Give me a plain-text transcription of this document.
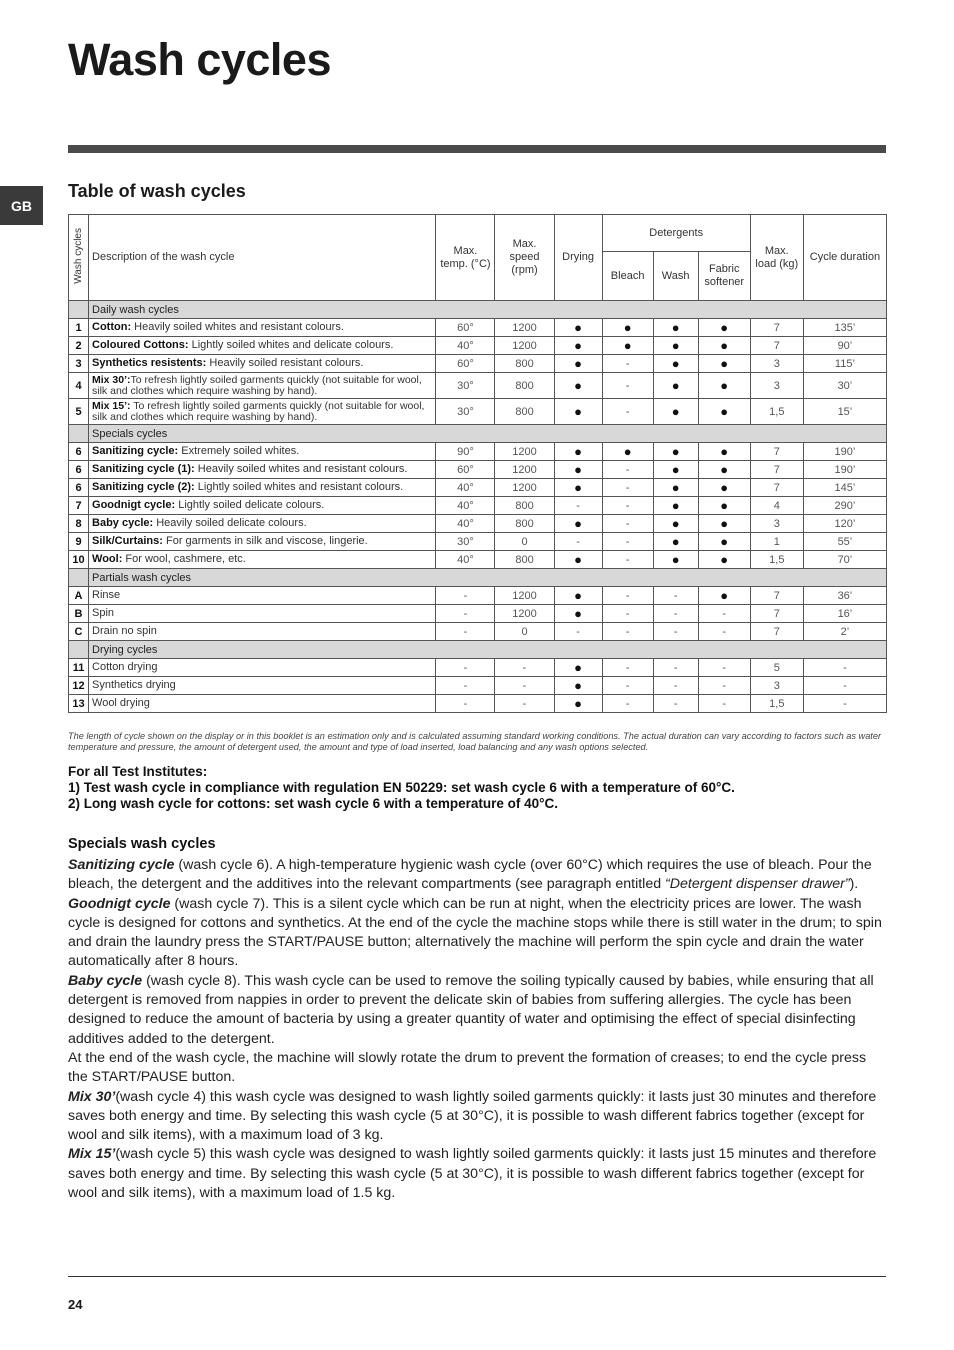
Wash cycles
GB
Table of wash cycles
Wash cycles	Description of the wash cycle	Max. temp. (°C)	Max. speed (rpm)	Drying	Detergents			Max. load (kg)	Cycle duration
					Bleach	Wash	Fabric softener		
	Daily wash cycles								
1	Cotton: Heavily soiled whites and resistant colours.	60°	1200	●	●	●	●	7	135’
2	Coloured Cottons: Lightly soiled whites and delicate colours.	40°	1200	●	●	●	●	7	90’
3	Synthetics resistents: Heavily soiled resistant colours.	60°	800	●	-	●	●	3	115’
4	Mix 30’:To refresh lightly soiled garments quickly (not suitable for wool, silk and clothes which require washing by hand).	30°	800	●	-	●	●	3	30’
5	Mix 15’: To refresh lightly soiled garments quickly (not suitable for wool, silk and clothes which require washing by hand).	30°	800	●	-	●	●	1,5	15’
	Specials cycles								
6	Sanitizing cycle: Extremely soiled whites.	90°	1200	●	●	●	●	7	190’
6	Sanitizing cycle (1): Heavily soiled whites and resistant colours.	60°	1200	●	-	●	●	7	190’
6	Sanitizing cycle (2): Lightly soiled whites and resistant colours.	40°	1200	●	-	●	●	7	145’
7	Goodnigt cycle: Lightly soiled delicate colours.	40°	800	-	-	●	●	4	290’
8	Baby cycle: Heavily soiled delicate colours.	40°	800	●	-	●	●	3	120’
9	Silk/Curtains: For garments in silk and viscose, lingerie.	30°	0	-	-	●	●	1	55’
10	Wool: For wool, cashmere, etc.	40°	800	●	-	●	●	1,5	70’
	Partials wash cycles								
A	Rinse	-	1200	●	-	-	●	7	36’
B	Spin	-	1200	●	-	-	-	7	16’
C	Drain no spin	-	0	-	-	-	-	7	2’
	Drying cycles								
11	Cotton drying	-	-	●	-	-	-	5	-
12	Synthetics drying	-	-	●	-	-	-	3	-
13	Wool drying	-	-	●	-	-	-	1,5	-

The length of cycle shown on the display or in this booklet is an estimation only and is calculated assuming standard working conditions. The actual duration can vary according to factors such as water temperature and pressure, the amount of detergent used, the amount and type of load inserted, load balancing and any wash options selected.

For all Test Institutes:

1) Test wash cycle in compliance with regulation EN 50229: set wash cycle 6 with a temperature of 60°C.

2) Long wash cycle for cottons: set wash cycle 6 with a temperature of 40°C.

Specials wash cycles

Sanitizing cycle (wash cycle 6). A high-temperature hygienic wash cycle (over 60°C) which requires the use of bleach. Pour the bleach, the detergent and the additives into the relevant compartments (see paragraph entitled “Detergent dispenser drawer”).

Goodnigt cycle (wash cycle 7). This is a silent cycle which can be run at night, when the electricity prices are lower. The wash cycle is designed for cottons and synthetics. At the end of the cycle the machine stops while there is still water in the drum; to spin and drain the laundry press the START/PAUSE button; alternatively the machine will perform the spin cycle and drain the water automatically after 8 hours.

Baby cycle (wash cycle 8). This wash cycle can be used to remove the soiling typically caused by babies, while ensuring that all detergent is removed from nappies in order to prevent the delicate skin of babies from suffering allergies. The cycle has been designed to reduce the amount of bacteria by using a greater quantity of water and optimising the effect of special disinfecting additives added to the detergent.

At the end of the wash cycle, the machine will slowly rotate the drum to prevent the formation of creases; to end the cycle press the START/PAUSE button.

Mix 30’(wash cycle 4) this wash cycle was designed to wash lightly soiled garments quickly: it lasts just 30 minutes and therefore saves both energy and time. By selecting this wash cycle (5 at 30°C), it is possible to wash different fabrics together (except for wool and silk items), with a maximum load of 3 kg.

Mix 15’(wash cycle 5) this wash cycle was designed to wash lightly soiled garments quickly: it lasts just 15 minutes and therefore saves both energy and time. By selecting this wash cycle (5 at 30°C), it is possible to wash different fabrics together (except for wool and silk items), with a maximum load of 1.5 kg.

24
